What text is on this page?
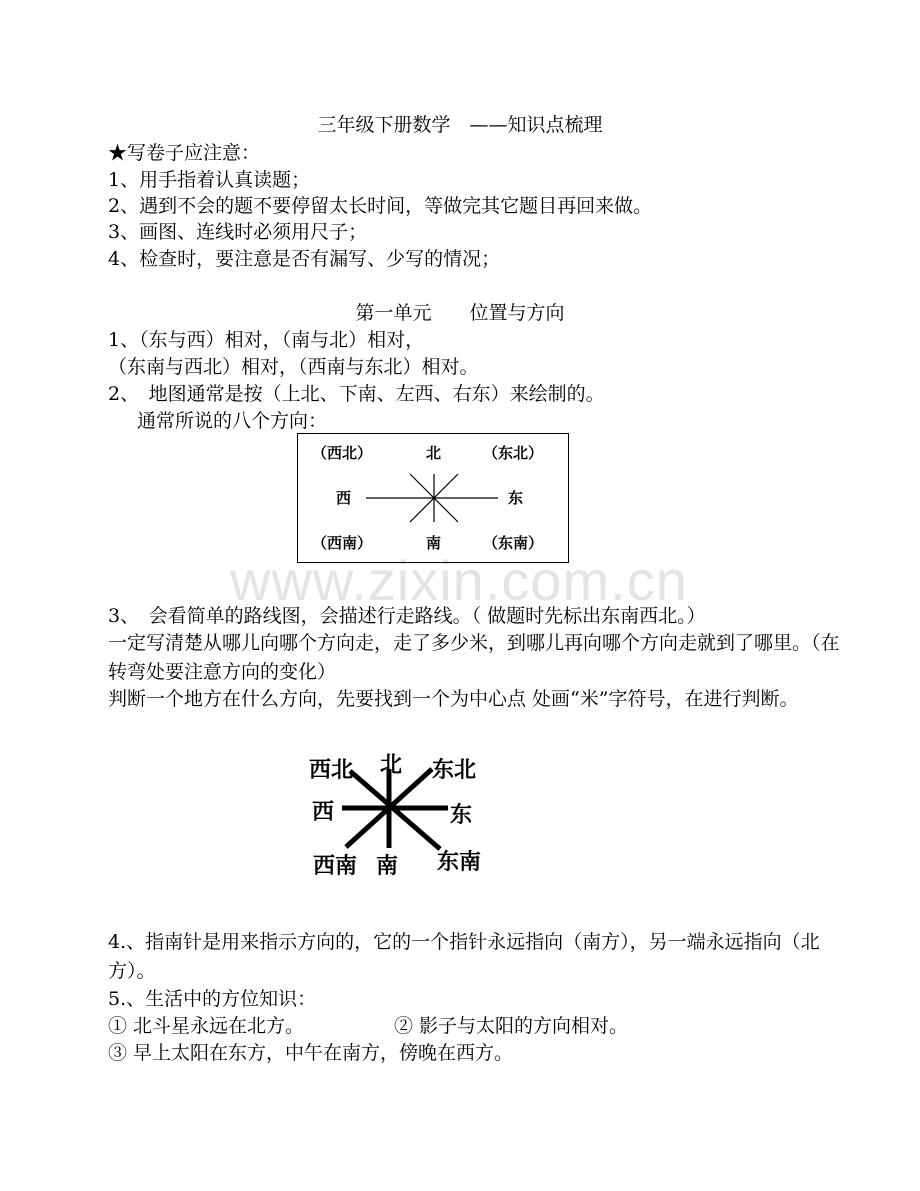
www.zixin.com.cn
三年级下册数学　——知识点梳理
★写卷子应注意：
1、用手指着认真读题；
2、遇到不会的题不要停留太长时间，等做完其它题目再回来做。
3、画图、连线时必须用尺子；
4、检查时，要注意是否有漏写、少写的情况；
第一单元　　位置与方向
1、（东与西）相对，（南与北）相对，
（东南与西北）相对，（西南与东北）相对。
2、　地图通常是按（上北、下南、左西、右东）来绘制的。
　通常所说的八个方向：
（西北）	北	（东北）
西	东
（西南）	南	（东南）
3、　会看简单的路线图，会描述行走路线。（ 做题时先标出东南西北。）
一定写清楚从哪儿向哪个方向走，走了多少米，到哪儿再向哪个方向走就到了哪里。（在转弯处要注意方向的变化）
判断一个地方在什么方向，先要找到一个为中心点 处画“米”字符号，在进行判断。
西北 北 东北
西	东
西南 南 东南
4.、指南针是用来指示方向的，它的一个指针永远指向（南方），另一端永远指向（北方）。
5.、生活中的方位知识：
① 北斗星永远在北方。	② 影子与太阳的方向相对。
③ 早上太阳在东方，中午在南方，傍晚在西方。
